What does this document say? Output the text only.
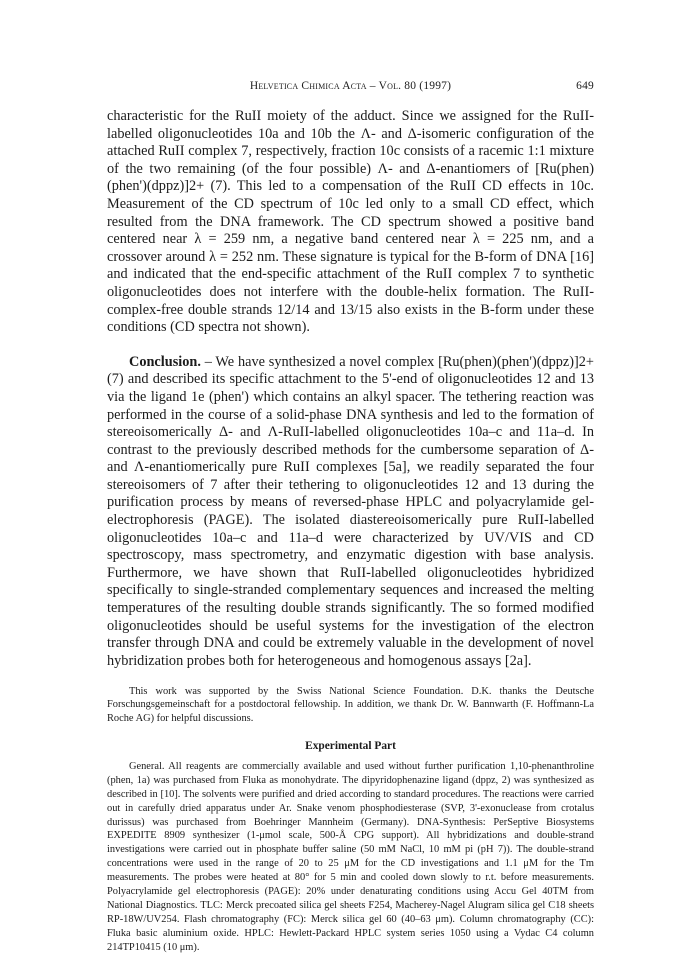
Helvetica Chimica Acta – Vol. 80 (1997)	649

characteristic for the RuII moiety of the adduct. Since we assigned for the RuII-labelled oligonucleotides 10a and 10b the Λ- and Δ-isomeric configuration of the attached RuII complex 7, respectively, fraction 10c consists of a racemic 1:1 mixture of the two remaining (of the four possible) Λ- and Δ-enantiomers of [Ru(phen)(phen')(dppz)]2+ (7). This led to a compensation of the RuII CD effects in 10c. Measurement of the CD spectrum of 10c led only to a small CD effect, which resulted from the DNA framework. The CD spectrum showed a positive band centered near λ = 259 nm, a negative band centered near λ = 225 nm, and a crossover around λ = 252 nm. These signature is typical for the B-form of DNA [16] and indicated that the end-specific attachment of the RuII complex 7 to synthetic oligonucleotides does not interfere with the double-helix formation. The RuII-complex-free double strands 12/14 and 13/15 also exists in the B-form under these conditions (CD spectra not shown).

Conclusion. – We have synthesized a novel complex [Ru(phen)(phen')(dppz)]2+ (7) and described its specific attachment to the 5'-end of oligonucleotides 12 and 13 via the ligand 1e (phen') which contains an alkyl spacer. The tethering reaction was performed in the course of a solid-phase DNA synthesis and led to the formation of stereoisomerically Δ- and Λ-RuII-labelled oligonucleotides 10a–c and 11a–d. In contrast to the previously described methods for the cumbersome separation of Δ- and Λ-enantiomerically pure RuII complexes [5a], we readily separated the four stereoisomers of 7 after their tethering to oligonucleotides 12 and 13 during the purification process by means of reversed-phase HPLC and polyacrylamide gel-electrophoresis (PAGE). The isolated diastereoisomerically pure RuII-labelled oligonucleotides 10a–c and 11a–d were characterized by UV/VIS and CD spectroscopy, mass spectrometry, and enzymatic digestion with base analysis. Furthermore, we have shown that RuII-labelled oligonucleotides hybridized specifically to single-stranded complementary sequences and increased the melting temperatures of the resulting double strands significantly. The so formed modified oligonucleotides should be useful systems for the investigation of the electron transfer through DNA and could be extremely valuable in the development of novel hybridization probes both for heterogeneous and homogenous assays [2a].

This work was supported by the Swiss National Science Foundation. D.K. thanks the Deutsche Forschungsgemeinschaft for a postdoctoral fellowship. In addition, we thank Dr. W. Bannwarth (F. Hoffmann-La Roche AG) for helpful discussions.

Experimental Part

General. All reagents are commercially available and used without further purification 1,10-phenanthroline (phen, 1a) was purchased from Fluka as monohydrate. The dipyridophenazine ligand (dppz, 2) was synthesized as described in [10]. The solvents were purified and dried according to standard procedures. The reactions were carried out in carefully dried apparatus under Ar. Snake venom phosphodiesterase (SVP, 3'-exonuclease from crotalus durissus) was purchased from Boehringer Mannheim (Germany). DNA-Synthesis: PerSeptive Biosystems EXPEDITE 8909 synthesizer (1-μmol scale, 500-Å CPG support). All hybridizations and double-strand investigations were carried out in phosphate buffer saline (50 mM NaCl, 10 mM pi (pH 7)). The double-strand concentrations were used in the range of 20 to 25 μM for the CD investigations and 1.1 μM for the Tm measurements. The probes were heated at 80° for 5 min and cooled down slowly to r.t. before measurements. Polyacrylamide gel electrophoresis (PAGE): 20% under denaturating conditions using Accu Gel 40TM from National Diagnostics. TLC: Merck precoated silica gel sheets F254, Macherey-Nagel Alugram silica gel C18 sheets RP-18W/UV254. Flash chromatography (FC): Merck silica gel 60 (40–63 μm). Column chromatography (CC): Fluka basic aluminium oxide. HPLC: Hewlett-Packard HPLC system series 1050 using a Vydac C4 column 214TP10415 (10 μm).
